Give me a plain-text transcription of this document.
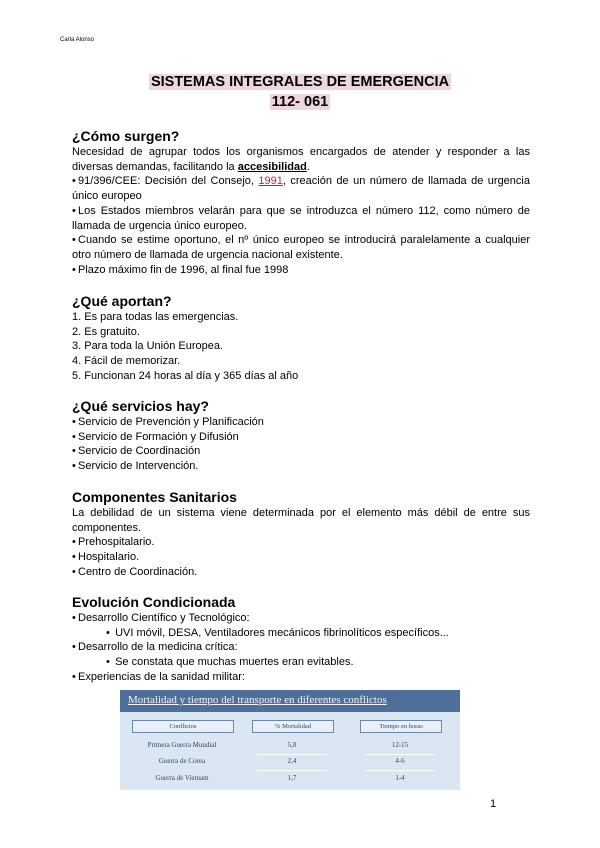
Carla Alonso
SISTEMAS INTEGRALES DE EMERGENCIA
112- 061
¿Cómo surgen?

Necesidad de agrupar todos los organismos encargados de atender y responder a las diversas demandas, facilitando la accesibilidad.

• 91/396/CEE: Decisión del Consejo, 1991, creación de un número de llamada de urgencia único europeo

• Los Estados miembros velarán para que se introduzca el número 112, como número de llamada de urgencia único europeo.

• Cuando se estime oportuno, el nº único europeo se introducirá paralelamente a cualquier otro número de llamada de urgencia nacional existente.

• Plazo máximo fin de 1996, al final fue 1998

¿Qué aportan?

1. Es para todas las emergencias.

2. Es gratuito.

3. Para toda la Unión Europea.

4. Fácil de memorizar.

5. Funcionan 24 horas al día y 365 días al año

¿Qué servicios hay?

• Servicio de Prevención y Planificación

• Servicio de Formación y Difusión

• Servicio de Coordinación

• Servicio de Intervención.

Componentes Sanitarios

La debilidad de un sistema viene determinada por el elemento más débil de entre sus componentes.

• Prehospitalario.

• Hospitalario.

• Centro de Coordinación.

Evolución Condicionada

• Desarrollo Científico y Tecnológico:

• UVI móvil, DESA, Ventiladores mecánicos fibrinolíticos específicos...

• Desarrollo de la medicina crítica:

• Se constata que muchas muertes eran evitables.

• Experiencias de la sanidad militar:

Mortalidad y tiempo del transporte en diferentes conflictos
Conflictos	% Mortalidad	Tiempo en horas
Primera Guerra Mundial	5,8	12-15
Guerra de Corea	2,4	4-6
Guerra de Vietnam	1,7	1-4
1
